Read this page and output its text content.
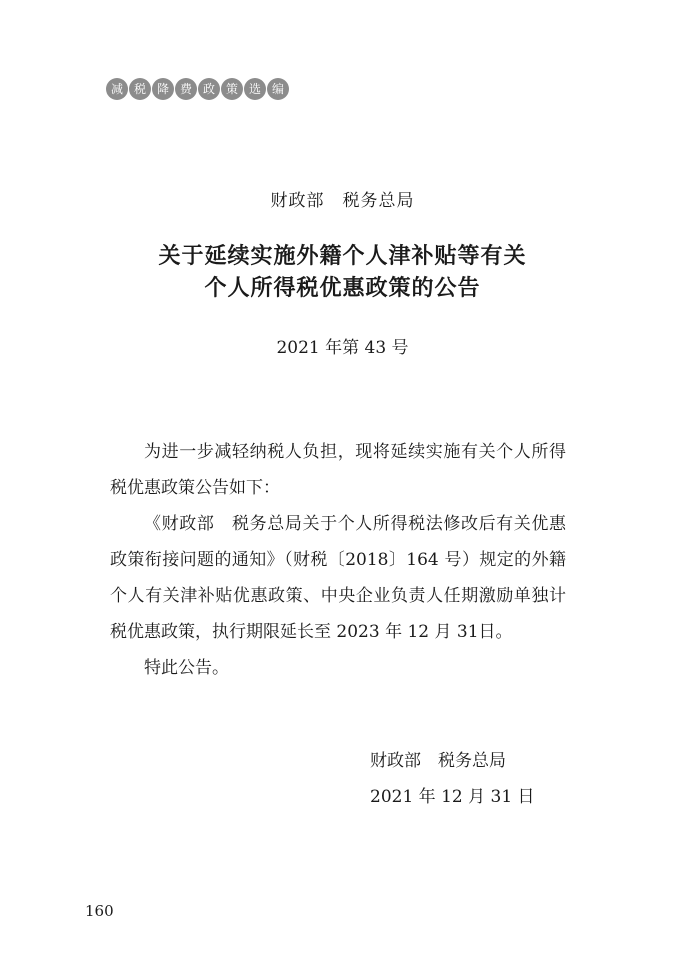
减 税 降 费 政 策 选 编
财政部　税务总局
关于延续实施外籍个人津补贴等有关
个人所得税优惠政策的公告
2021 年第 43 号

为进一步减轻纳税人负担，现将延续实施有关个人所得税优惠政策公告如下：

《财政部　税务总局关于个人所得税法修改后有关优惠政策衔接问题的通知》（财税〔2018〕164 号）规定的外籍个人有关津补贴优惠政策、中央企业负责人任期激励单独计税优惠政策，执行期限延长至 2023 年 12 月 31日。

特此公告。

财政部　税务总局
2021 年 12 月 31 日
160
